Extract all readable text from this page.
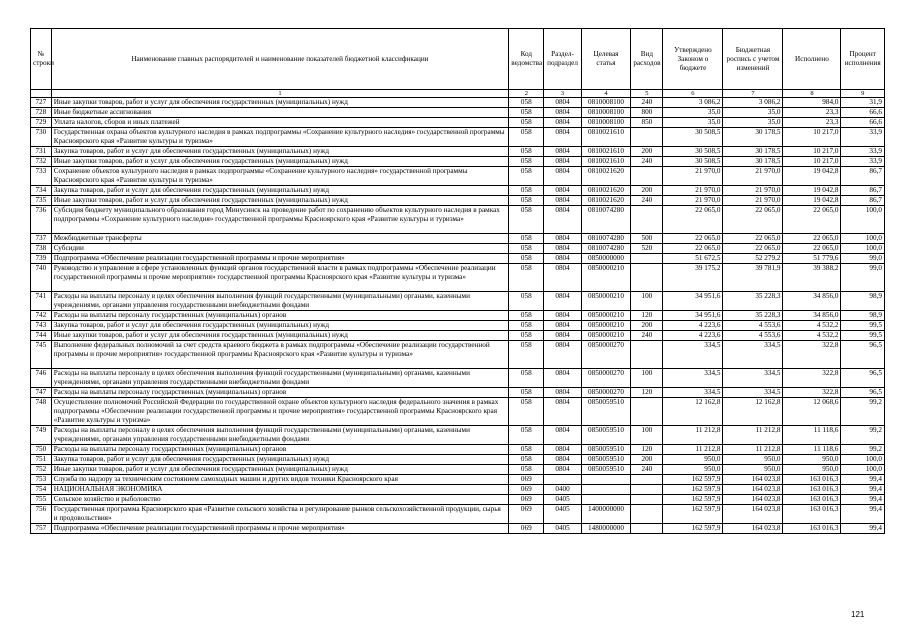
№ строки	Наименование главных распорядителей и наименование показателей бюджетной классификации	Код ведомства	Раздел-подраздел	Целевая статья	Вид расходов	Утверждено Законом о бюджете	Бюджетная роспись с учетом изменений	Исполнено	Процент исполнения
	1	2	3	4	5	6	7	8	9
727	Иные закупки товаров, работ и услуг для обеспечения государственных (муниципальных) нужд	058	0804	0810008100	240	3 086,2	3 086,2	984,0	31,9
728	Иные бюджетные ассигнования	058	0804	0810008100	800	35,0	35,0	23,3	66,6
729	Уплата налогов, сборов и иных платежей	058	0804	0810008100	850	35,0	35,0	23,3	66,6
730	Государственная охрана объектов культурного наследия в рамках подпрограммы «Сохранение культурного наследия» государственной программы Красноярского края «Развитие культуры и туризма»	058	0804	0810021610		30 508,5	30 178,5	10 217,0	33,9
731	Закупка товаров, работ и услуг для обеспечения государственных (муниципальных) нужд	058	0804	0810021610	200	30 508,5	30 178,5	10 217,0	33,9
732	Иные закупки товаров, работ и услуг для обеспечения государственных (муниципальных) нужд	058	0804	0810021610	240	30 508,5	30 178,5	10 217,0	33,9
733	Сохранение объектов культурного наследия в рамках подпрограммы «Сохранение культурного наследия» государственной программы Красноярского края «Развитие культуры и туризма»	058	0804	0810021620		21 970,0	21 970,0	19 042,8	86,7
734	Закупка товаров, работ и услуг для обеспечения государственных (муниципальных) нужд	058	0804	0810021620	200	21 970,0	21 970,0	19 042,8	86,7
735	Иные закупки товаров, работ и услуг для обеспечения государственных (муниципальных) нужд	058	0804	0810021620	240	21 970,0	21 970,0	19 042,8	86,7
736	Субсидия бюджету муниципального образования город Минусинск на проведение работ по сохранению объектов культурного наследия в рамках подпрограммы «Сохранение культурного наследия» государственной программы Красноярского края «Развитие культуры и туризма»	058	0804	0810074280		22 065,0	22 065,0	22 065,0	100,0
737	Межбюджетные трансферты	058	0804	0810074280	500	22 065,0	22 065,0	22 065,0	100,0
738	Субсидии	058	0804	0810074280	520	22 065,0	22 065,0	22 065,0	100,0
739	Подпрограмма «Обеспечение реализации государственной программы и прочие мероприятия»	058	0804	0850000000		51 672,5	52 279,2	51 779,6	99,0
740	Руководство и управление в сфере установленных функций органов государственной власти в рамках подпрограммы «Обеспечение реализации государственной программы и прочие мероприятия» государственной программы Красноярского края «Развитие культуры и туризма»	058	0804	0850000210		39 175,2	39 781,9	39 388,2	99,0
741	Расходы на выплаты персоналу в целях обеспечения выполнения функций государственными (муниципальными) органами, казенными учреждениями, органами управления государственными внебюджетными фондами	058	0804	0850000210	100	34 951,6	35 228,3	34 856,0	98,9
742	Расходы на выплаты персоналу государственных (муниципальных) органов	058	0804	0850000210	120	34 951,6	35 228,3	34 856,0	98,9
743	Закупка товаров, работ и услуг для обеспечения государственных (муниципальных) нужд	058	0804	0850000210	200	4 223,6	4 553,6	4 532,2	99,5
744	Иные закупки товаров, работ и услуг для обеспечения государственных (муниципальных) нужд	058	0804	0850000210	240	4 223,6	4 553,6	4 532,2	99,5
745	Выполнение федеральных полномочий за счет средств краевого бюджета в рамках подпрограммы «Обеспечение реализации государственной программы и прочие мероприятия» государственной программы Красноярского края «Развитие культуры и туризма»	058	0804	0850000270		334,5	334,5	322,8	96,5
746	Расходы на выплаты персоналу в целях обеспечения выполнения функций государственными (муниципальными) органами, казенными учреждениями, органами управления государственными внебюджетными фондами	058	0804	0850000270	100	334,5	334,5	322,8	96,5
747	Расходы на выплаты персоналу государственных (муниципальных) органов	058	0804	0850000270	120	334,5	334,5	322,8	96,5
748	Осуществление полномочий Российской Федерации по государственной охране объектов культурного наследия федерального значения в рамках подпрограммы «Обеспечение реализации государственной программы и прочие мероприятия» государственной программы Красноярского края «Развитие культуры и туризма»	058	0804	0850059510		12 162,8	12 162,8	12 068,6	99,2
749	Расходы на выплаты персоналу в целях обеспечения выполнения функций государственными (муниципальными) органами, казенными учреждениями, органами управления государственными внебюджетными фондами	058	0804	0850059510	100	11 212,8	11 212,8	11 118,6	99,2
750	Расходы на выплаты персоналу государственных (муниципальных) органов	058	0804	0850059510	120	11 212,8	11 212,8	11 118,6	99,2
751	Закупка товаров, работ и услуг для обеспечения государственных (муниципальных) нужд	058	0804	0850059510	200	950,0	950,0	950,0	100,0
752	Иные закупки товаров, работ и услуг для обеспечения государственных (муниципальных) нужд	058	0804	0850059510	240	950,0	950,0	950,0	100,0
753	Служба по надзору за техническим состоянием самоходных машин и других видов техники Красноярского края	069				162 597,9	164 023,8	163 016,3	99,4
754	НАЦИОНАЛЬНАЯ ЭКОНОМИКА	069	0400			162 597,9	164 023,8	163 016,3	99,4
755	Сельское хозяйство и рыболовство	069	0405			162 597,9	164 023,8	163 016,3	99,4
756	Государственная программа Красноярского края «Развитие сельского хозяйства и регулирование рынков сельскохозяйственной продукции, сырья и продовольствия»	069	0405	1400000000		162 597,9	164 023,8	163 016,3	99,4
757	Подпрограмма «Обеспечение реализации государственной программы и прочие мероприятия»	069	0405	1480000000		162 597,9	164 023,8	163 016,3	99,4
121
